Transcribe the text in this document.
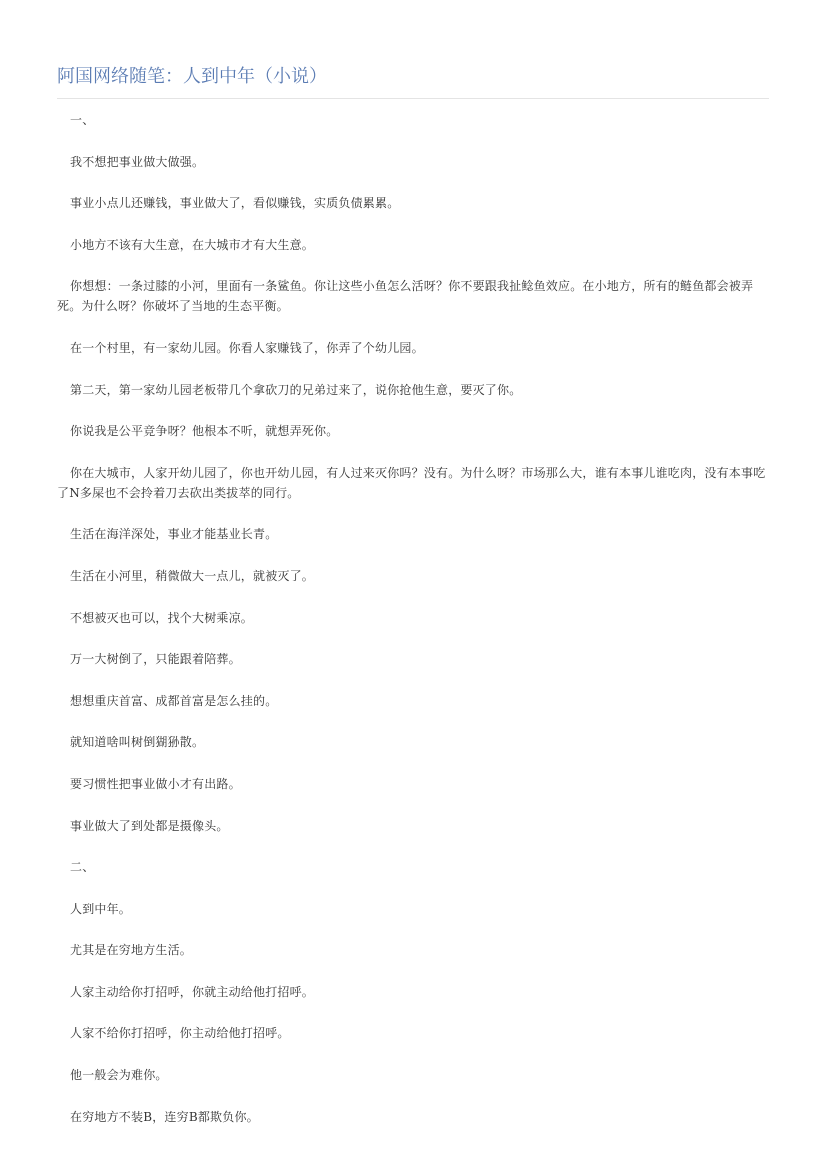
阿国网络随笔：人到中年（小说）

一、

我不想把事业做大做强。

事业小点儿还赚钱，事业做大了，看似赚钱，实质负债累累。

小地方不该有大生意，在大城市才有大生意。

你想想：一条过膝的小河，里面有一条鲨鱼。你让这些小鱼怎么活呀？你不要跟我扯鲶鱼效应。在小地方，所有的鲢鱼都会被弄死。为什么呀？你破坏了当地的生态平衡。

在一个村里，有一家幼儿园。你看人家赚钱了，你弄了个幼儿园。

第二天，第一家幼儿园老板带几个拿砍刀的兄弟过来了，说你抢他生意，要灭了你。

你说我是公平竞争呀？他根本不听，就想弄死你。

你在大城市，人家开幼儿园了，你也开幼儿园，有人过来灭你吗？没有。为什么呀？市场那么大，谁有本事儿谁吃肉，没有本事吃了N多屎也不会拎着刀去砍出类拔萃的同行。

生活在海洋深处，事业才能基业长青。

生活在小河里，稍微做大一点儿，就被灭了。

不想被灭也可以，找个大树乘凉。

万一大树倒了，只能跟着陪葬。

想想重庆首富、成都首富是怎么挂的。

就知道啥叫树倒猢狲散。

要习惯性把事业做小才有出路。

事业做大了到处都是摄像头。

二、

人到中年。

尤其是在穷地方生活。

人家主动给你打招呼，你就主动给他打招呼。

人家不给你打招呼，你主动给他打招呼。

他一般会为难你。

在穷地方不装B，连穷B都欺负你。
